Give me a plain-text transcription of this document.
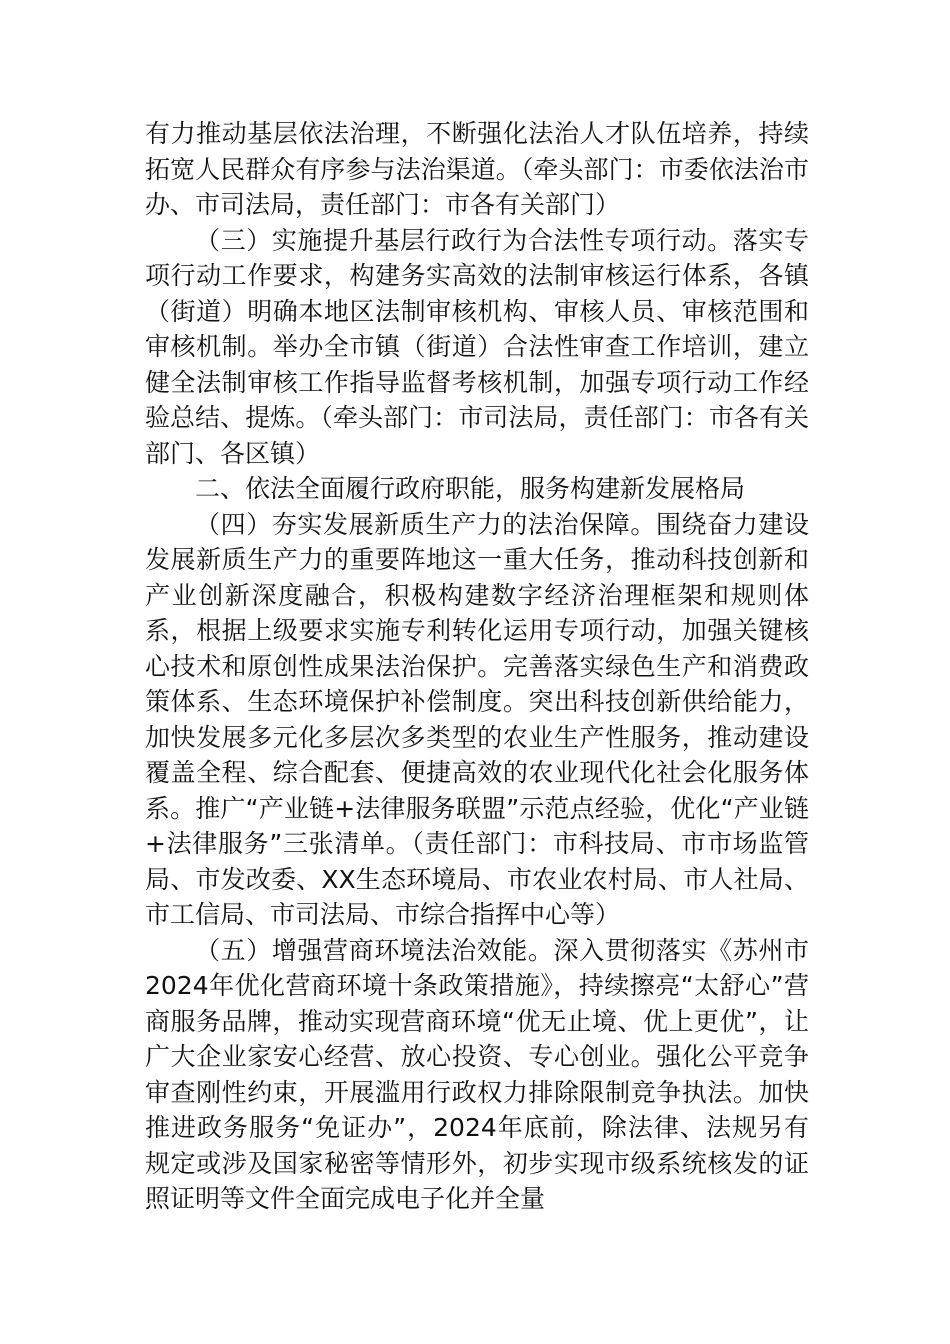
有力推动基层依法治理，不断强化法治人才队伍培养，持续拓宽人民群众有序参与法治渠道。（牵头部门：市委依法治市办、市司法局，责任部门：市各有关部门）

（三）实施提升基层行政行为合法性专项行动。落实专项行动工作要求，构建务实高效的法制审核运行体系，各镇（街道）明确本地区法制审核机构、审核人员、审核范围和审核机制。举办全市镇（街道）合法性审查工作培训，建立健全法制审核工作指导监督考核机制，加强专项行动工作经验总结、提炼。（牵头部门：市司法局，责任部门：市各有关部门、各区镇）

二、依法全面履行政府职能，服务构建新发展格局

（四）夯实发展新质生产力的法治保障。围绕奋力建设发展新质生产力的重要阵地这一重大任务，推动科技创新和产业创新深度融合，积极构建数字经济治理框架和规则体系，根据上级要求实施专利转化运用专项行动，加强关键核心技术和原创性成果法治保护。完善落实绿色生产和消费政策体系、生态环境保护补偿制度。突出科技创新供给能力，加快发展多元化多层次多类型的农业生产性服务，推动建设覆盖全程、综合配套、便捷高效的农业现代化社会化服务体系。推广“产业链+法律服务联盟”示范点经验，优化“产业链+法律服务”三张清单。（责任部门：市科技局、市市场监管局、市发改委、XX生态环境局、市农业农村局、市人社局、市工信局、市司法局、市综合指挥中心等）

（五）增强营商环境法治效能。深入贯彻落实《苏州市2024年优化营商环境十条政策措施》，持续擦亮“太舒心”营商服务品牌，推动实现营商环境“优无止境、优上更优”，让广大企业家安心经营、放心投资、专心创业。强化公平竞争审查刚性约束，开展滥用行政权力排除限制竞争执法。加快推进政务服务“免证办”，2024年底前，除法律、法规另有规定或涉及国家秘密等情形外，初步实现市级系统核发的证照证明等文件全面完成电子化并全量
